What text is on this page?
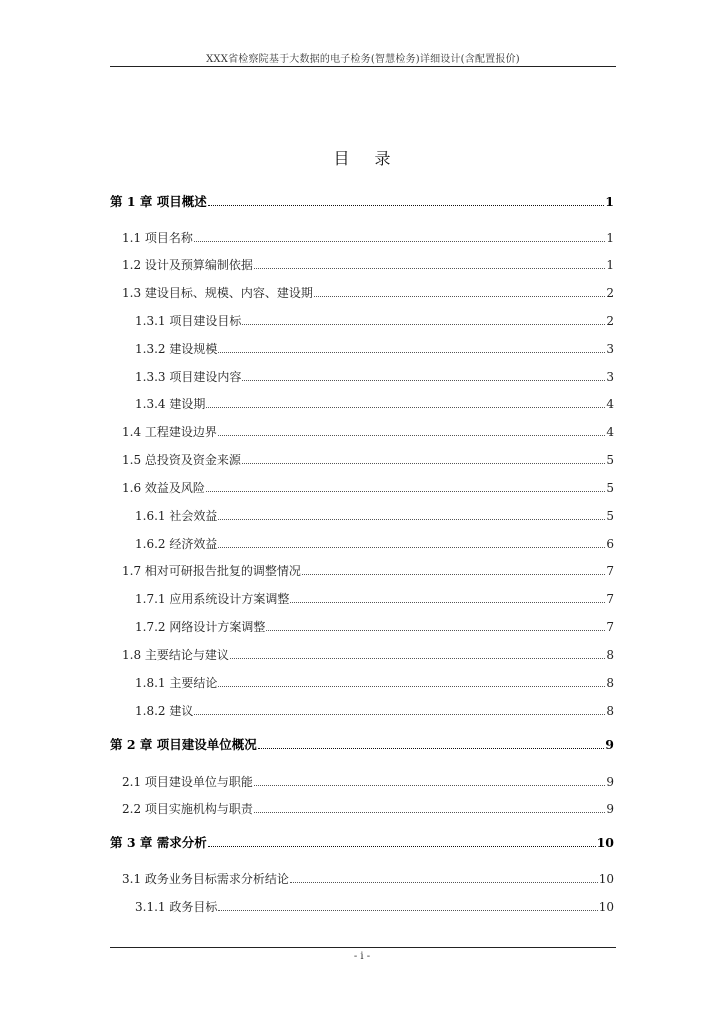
XXX省检察院基于大数据的电子检务(智慧检务)详细设计(含配置报价)
目 录
第 1 章 项目概述	1
1.1 项目名称	1
1.2 设计及预算编制依据	1
1.3 建设目标、规模、内容、建设期	2
1.3.1 项目建设目标	2
1.3.2 建设规模	3
1.3.3 项目建设内容	3
1.3.4 建设期	4
1.4 工程建设边界	4
1.5 总投资及资金来源	5
1.6 效益及风险	5
1.6.1 社会效益	5
1.6.2 经济效益	6
1.7 相对可研报告批复的调整情况	7
1.7.1 应用系统设计方案调整	7
1.7.2 网络设计方案调整	7
1.8 主要结论与建议	8
1.8.1 主要结论	8
1.8.2 建议	8
第 2 章 项目建设单位概况	9
2.1 项目建设单位与职能	9
2.2 项目实施机构与职责	9
第 3 章 需求分析	10
3.1 政务业务目标需求分析结论	10
3.1.1 政务目标	10
- i -
